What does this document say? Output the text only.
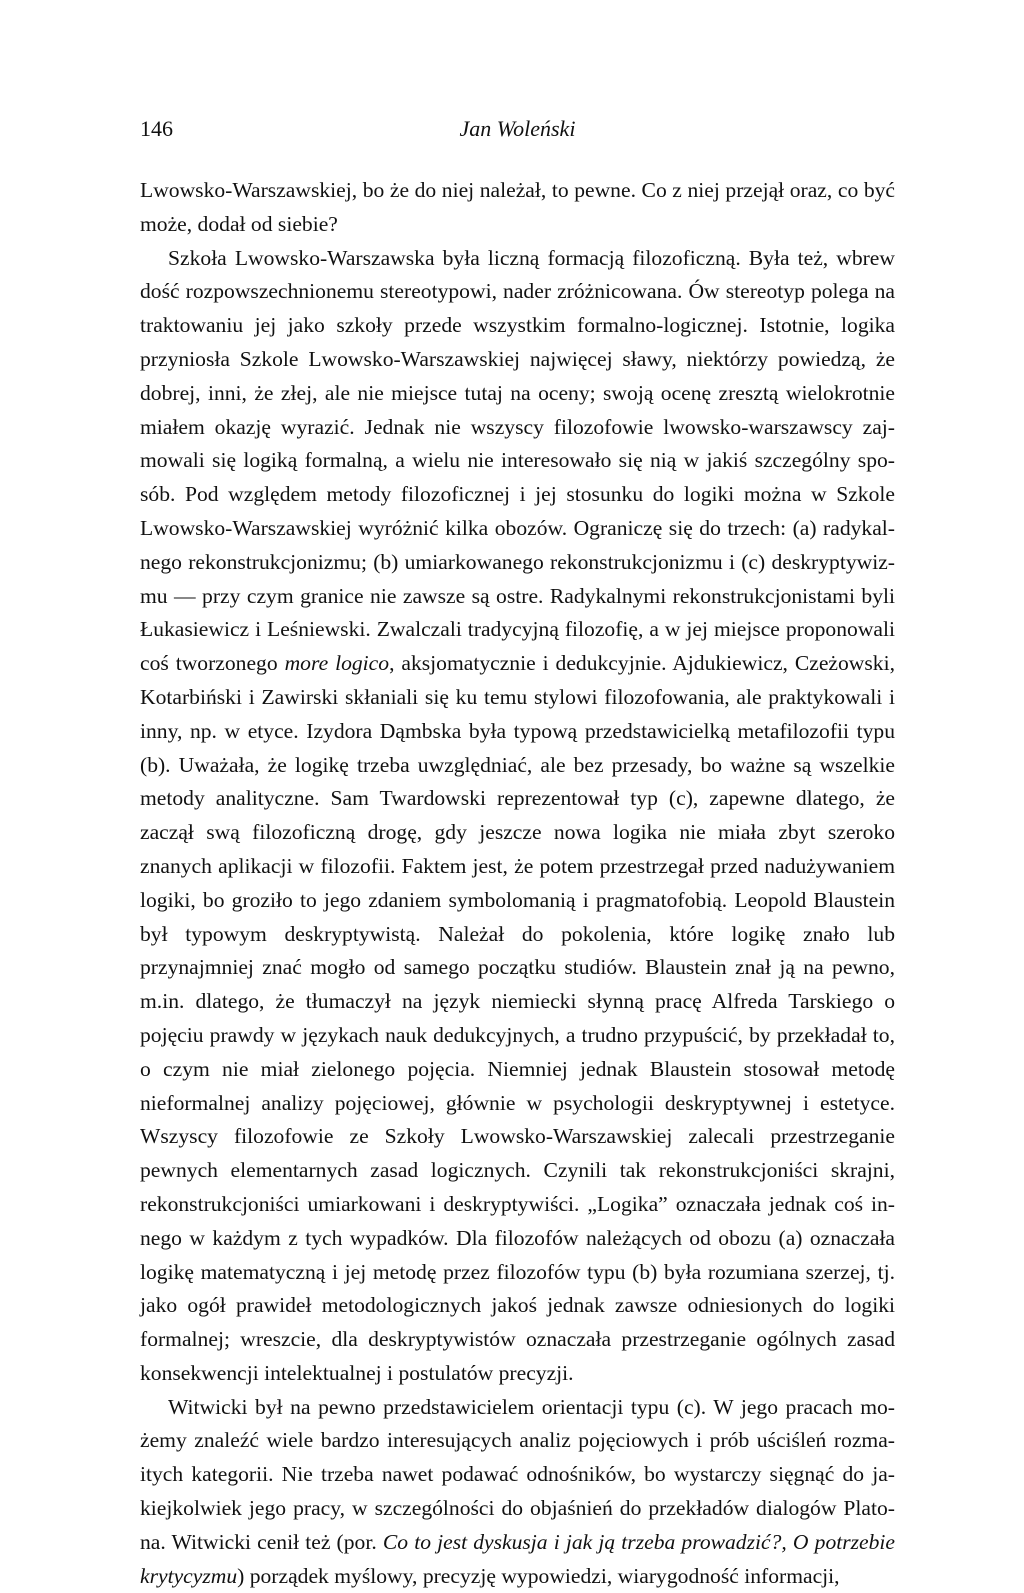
146	Jan Woleński

Lwowsko-Warszawskiej, bo że do niej należał, to pewne. Co z niej przejął oraz, co być może, dodał od siebie?

Szkoła Lwowsko-Warszawska była liczną formacją filozoficzną. Była też, wbrew dość rozpowszechnionemu stereotypowi, nader zróżnicowana. Ów stereotyp polega na traktowaniu jej jako szkoły przede wszystkim formalno-logicznej. Istotnie, logika przyniosła Szkole Lwowsko-Warszawskiej najwięcej sławy, niektórzy powiedzą, że dobrej, inni, że złej, ale nie miejsce tutaj na oceny; swoją ocenę zresztą wielokrotnie miałem okazję wyrazić. Jednak nie wszyscy filozofowie lwowsko-warszawscy zajmowali się logiką formalną, a wielu nie interesowało się nią w jakiś szczególny sposób. Pod względem metody filozoficznej i jej stosunku do logiki można w Szkole Lwowsko-Warszawskiej wyróżnić kilka obozów. Ograniczę się do trzech: (a) radykalnego rekonstrukcjonizmu; (b) umiarkowanego rekonstrukcjonizmu i (c) deskryptywizmu — przy czym granice nie zawsze są ostre. Radykalnymi rekonstrukcjonistami byli Łukasiewicz i Leśniewski. Zwalczali tradycyjną filozofię, a w jej miejsce proponowali coś tworzonego more logico, aksjomatycznie i dedukcyjnie. Ajdukiewicz, Czeżowski, Kotarbiński i Zawirski skłaniali się ku temu stylowi filozofowania, ale praktykowali i inny, np. w etyce. Izydora Dąmbska była typową przedstawicielką metafilozofii typu (b). Uważała, że logikę trzeba uwzględniać, ale bez przesady, bo ważne są wszelkie metody analityczne. Sam Twardowski reprezentował typ (c), zapewne dlatego, że zaczął swą filozoficzną drogę, gdy jeszcze nowa logika nie miała zbyt szeroko znanych aplikacji w filozofii. Faktem jest, że potem przestrzegał przed nadużywaniem logiki, bo groziło to jego zdaniem symbolomanią i pragmatofobią. Leopold Blaustein był typowym deskryptywistą. Należał do pokolenia, które logikę znało lub przynajmniej znać mogło od samego początku studiów. Blaustein znał ją na pewno, m.in. dlatego, że tłumaczył na język niemiecki słynną pracę Alfreda Tarskiego o pojęciu prawdy w językach nauk dedukcyjnych, a trudno przypuścić, by przekładał to, o czym nie miał zielonego pojęcia. Niemniej jednak Blaustein stosował metodę nieformalnej analizy pojęciowej, głównie w psychologii deskryptywnej i estetyce. Wszyscy filozofowie ze Szkoły Lwowsko-Warszawskiej zalecali przestrzeganie pewnych elementarnych zasad logicznych. Czynili tak rekonstrukcjoniści skrajni, rekonstrukcjoniści umiarkowani i deskryptywiści. „Logika” oznaczała jednak coś innego w każdym z tych wypadków. Dla filozofów należących od obozu (a) oznaczała logikę matematyczną i jej metodę przez filozofów typu (b) była rozumiana szerzej, tj. jako ogół prawideł metodologicznych jakoś jednak zawsze odniesionych do logiki formalnej; wreszcie, dla deskryptywistów oznaczała przestrzeganie ogólnych zasad konsekwencji intelektualnej i postulatów precyzji.

Witwicki był na pewno przedstawicielem orientacji typu (c). W jego pracach możemy znaleźć wiele bardzo interesujących analiz pojęciowych i prób uściśleń rozmaitych kategorii. Nie trzeba nawet podawać odnośników, bo wystarczy sięgnąć do jakiejkolwiek jego pracy, w szczególności do objaśnień do przekładów dialogów Platona. Witwicki cenił też (por. Co to jest dyskusja i jak ją trzeba prowadzić?, O potrzebie krytycyzmu) porządek myślowy, precyzję wypowiedzi, wiarygodność informacji,
